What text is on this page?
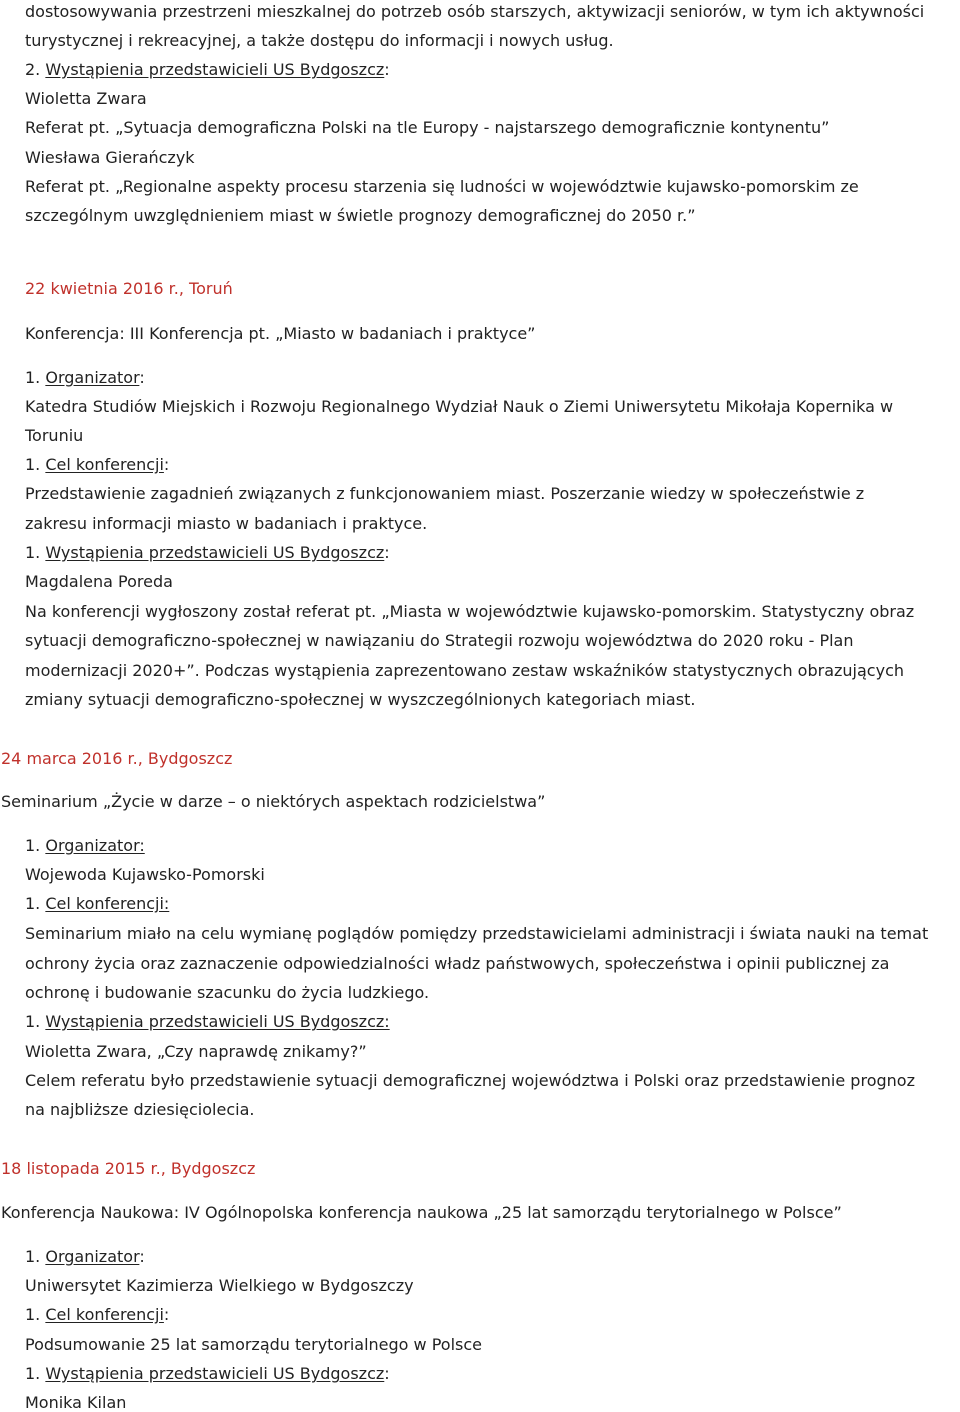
dostosowywania przestrzeni mieszkalnej do potrzeb osób starszych, aktywizacji seniorów, w tym ich aktywności
turystycznej i rekreacyjnej, a także dostępu do informacji i nowych usług.
2. Wystąpienia przedstawicieli US Bydgoszcz:
Wioletta Zwara
Referat pt. „Sytuacja demograficzna Polski na tle Europy - najstarszego demograficznie kontynentu”
Wiesława Gierańczyk
Referat pt. „Regionalne aspekty procesu starzenia się ludności w województwie kujawsko-pomorskim ze
szczególnym uwzględnieniem miast w świetle prognozy demograficznej do 2050 r.”
22 kwietnia 2016 r., Toruń
Konferencja: III Konferencja pt. „Miasto w badaniach i praktyce”
1. Organizator:
Katedra Studiów Miejskich i Rozwoju Regionalnego Wydział Nauk o Ziemi Uniwersytetu Mikołaja Kopernika w
Toruniu
1. Cel konferencji:
Przedstawienie zagadnień związanych z funkcjonowaniem miast. Poszerzanie wiedzy w społeczeństwie z
zakresu informacji miasto w badaniach i praktyce.
1. Wystąpienia przedstawicieli US Bydgoszcz:
Magdalena Poreda
Na konferencji wygłoszony został referat pt. „Miasta w województwie kujawsko-pomorskim. Statystyczny obraz
sytuacji demograficzno-społecznej w nawiązaniu do Strategii rozwoju województwa do 2020 roku - Plan
modernizacji 2020+”. Podczas wystąpienia zaprezentowano zestaw wskaźników statystycznych obrazujących
zmiany sytuacji demograficzno-społecznej w wyszczególnionych kategoriach miast.
24 marca 2016 r., Bydgoszcz
Seminarium „Życie w darze – o niektórych aspektach rodzicielstwa”
1. Organizator:
Wojewoda Kujawsko-Pomorski
1. Cel konferencji:
Seminarium miało na celu wymianę poglądów pomiędzy przedstawicielami administracji i świata nauki na temat
ochrony życia oraz zaznaczenie odpowiedzialności władz państwowych, społeczeństwa i opinii publicznej za
ochronę i budowanie szacunku do życia ludzkiego.
1. Wystąpienia przedstawicieli US Bydgoszcz:
Wioletta Zwara, „Czy naprawdę znikamy?”
Celem referatu było przedstawienie sytuacji demograficznej województwa i Polski oraz przedstawienie prognoz
na najbliższe dziesięciolecia.
18 listopada 2015 r., Bydgoszcz
Konferencja Naukowa: IV Ogólnopolska konferencja naukowa „25 lat samorządu terytorialnego w Polsce”
1. Organizator:
Uniwersytet Kazimierza Wielkiego w Bydgoszczy
1. Cel konferencji:
Podsumowanie 25 lat samorządu terytorialnego w Polsce
1. Wystąpienia przedstawicieli US Bydgoszcz:
Monika Kilan
